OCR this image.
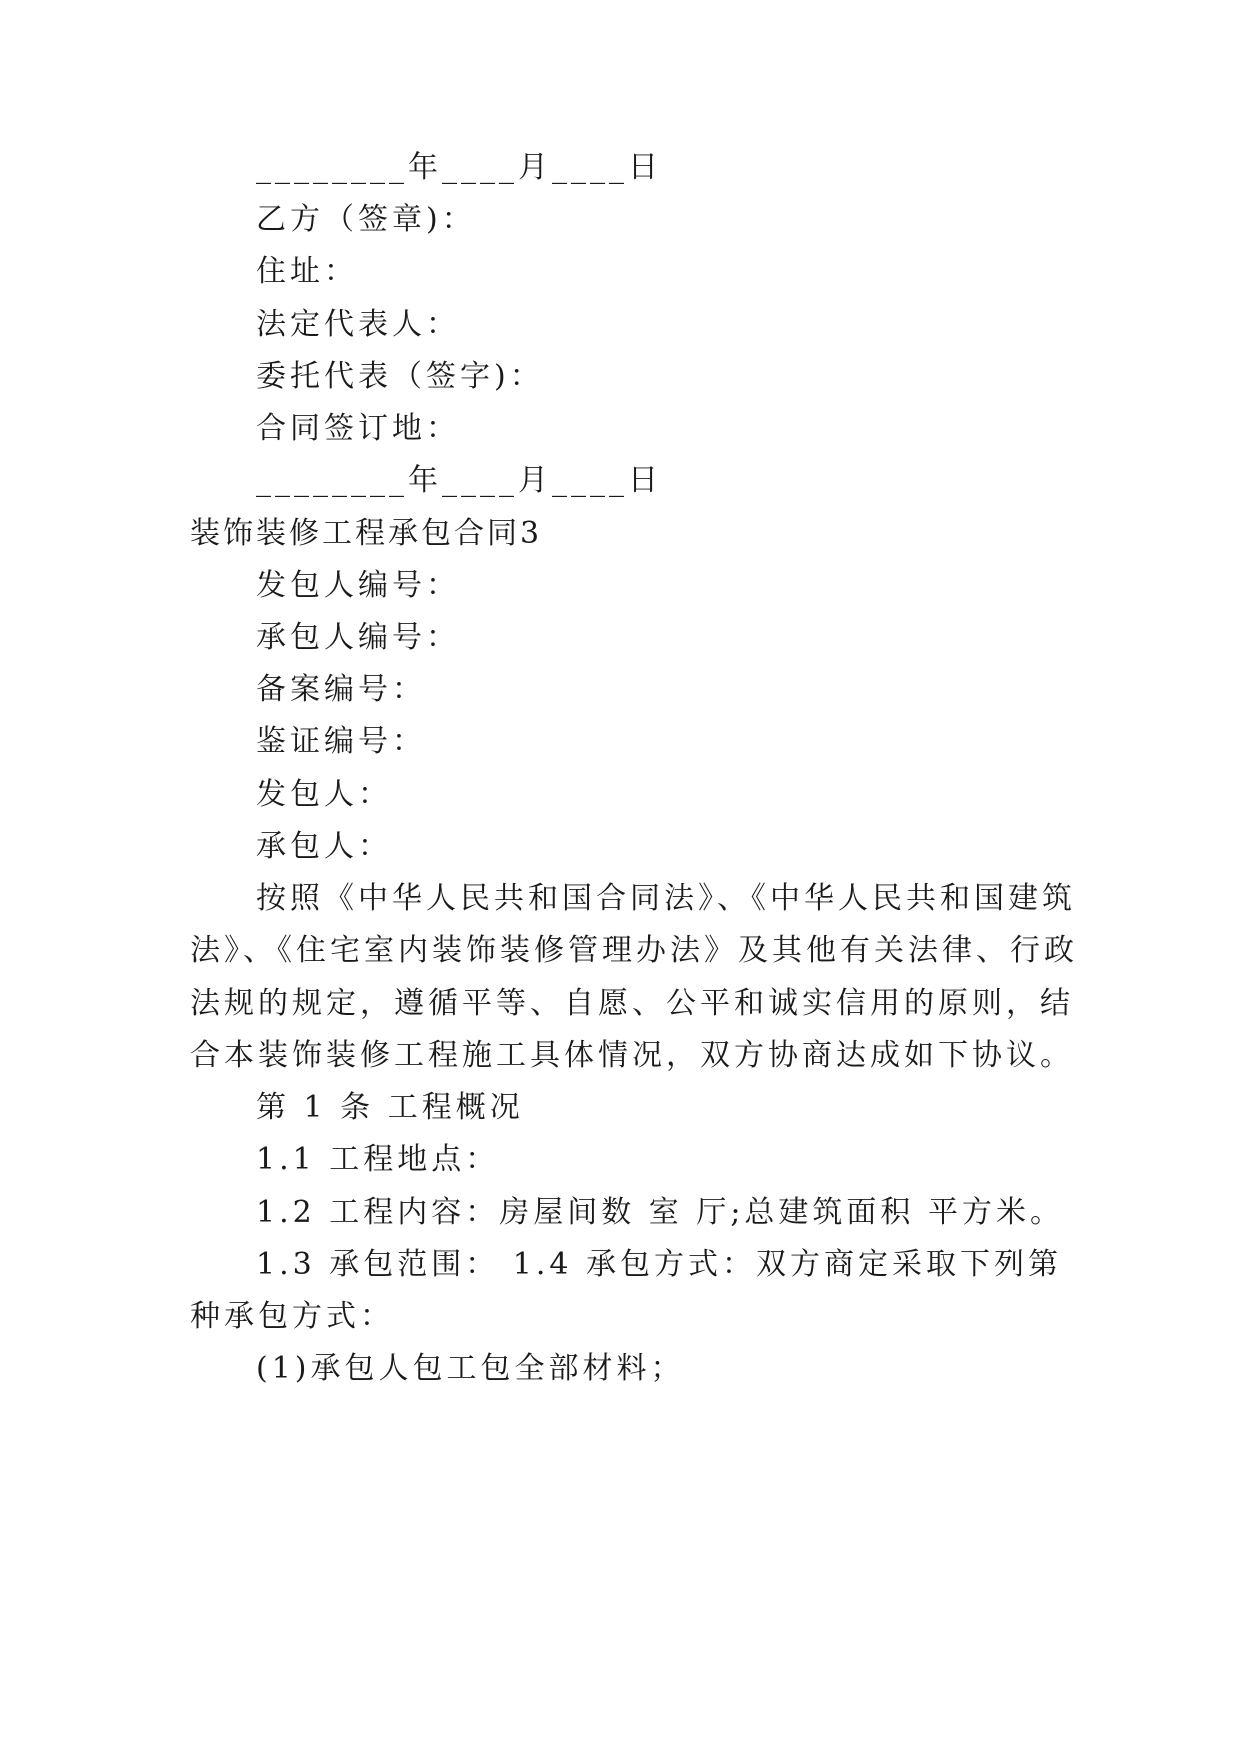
________年____月____日
乙方（签章)：
住址：
法定代表人：
委托代表（签字)：
合同签订地：
________年____月____日
装饰装修工程承包合同3
发包人编号：
承包人编号：
备案编号：
鉴证编号：
发包人：
承包人：
按照《中华人民共和国合同法》、《中华人民共和国建筑
法》、《住宅室内装饰装修管理办法》及其他有关法律、行政
法规的规定，遵循平等、自愿、公平和诚实信用的原则，结
合本装饰装修工程施工具体情况，双方协商达成如下协议。
第 1 条 工程概况
1.1 工程地点：
1.2 工程内容：房屋间数 室 厅;总建筑面积 平方米。
1.3 承包范围： 1.4 承包方式：双方商定采取下列第
种承包方式：
(1)承包人包工包全部材料；
